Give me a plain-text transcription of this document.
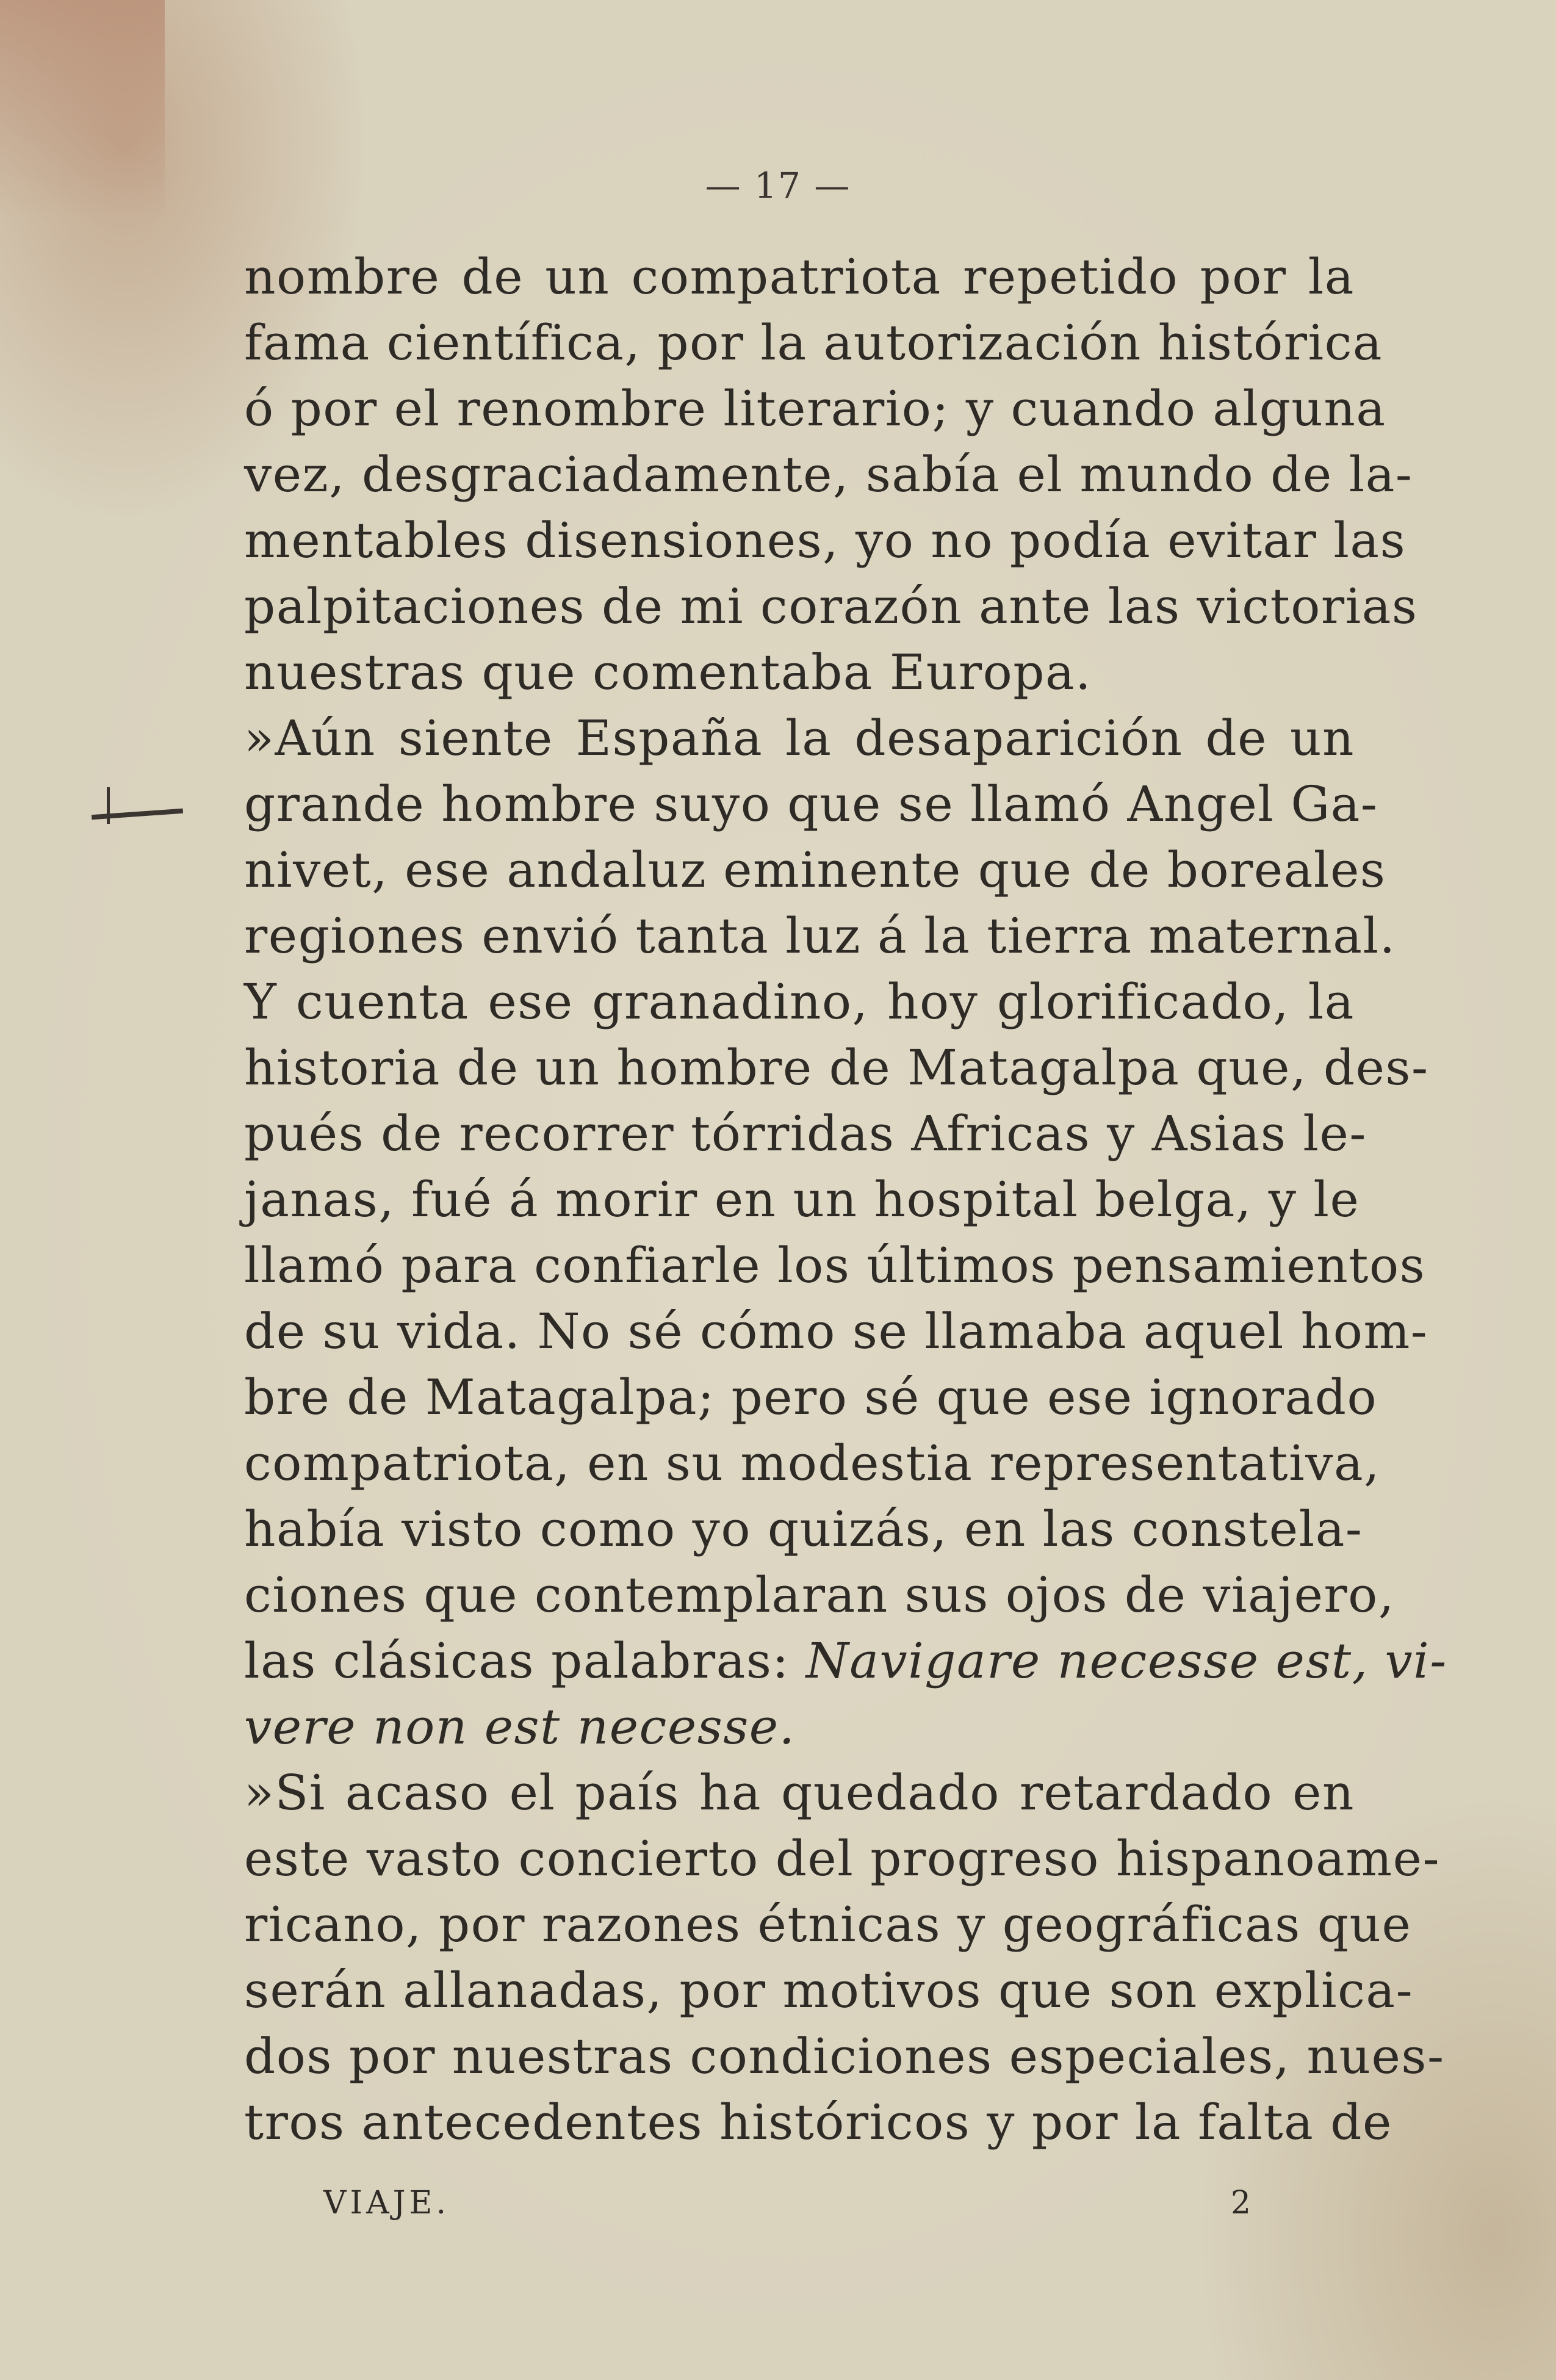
— 17 —
nombre de un compatriota repetido por la
fama científica, por la autorización histórica
ó por el renombre literario; y cuando alguna
vez, desgraciadamente, sabía el mundo de la-
mentables disensiones, yo no podía evitar las
palpitaciones de mi corazón ante las victorias
nuestras que comentaba Europa.
»Aún siente España la desaparición de un
grande hombre suyo que se llamó Angel Ga-
nivet, ese andaluz eminente que de boreales
regiones envió tanta luz á la tierra maternal.
Y cuenta ese granadino, hoy glorificado, la
historia de un hombre de Matagalpa que, des-
pués de recorrer tórridas Africas y Asias le-
janas, fué á morir en un hospital belga, y le
llamó para confiarle los últimos pensamientos
de su vida. No sé cómo se llamaba aquel hom-
bre de Matagalpa; pero sé que ese ignorado
compatriota, en su modestia representativa,
había visto como yo quizás, en las constela-
ciones que contemplaran sus ojos de viajero,
las clásicas palabras: Navigare necesse est, vi-
vere non est necesse.
»Si acaso el país ha quedado retardado en
este vasto concierto del progreso hispanoame-
ricano, por razones étnicas y geográficas que
serán allanadas, por motivos que son explica-
dos por nuestras condiciones especiales, nues-
tros antecedentes históricos y por la falta de
VIAJE.	2
